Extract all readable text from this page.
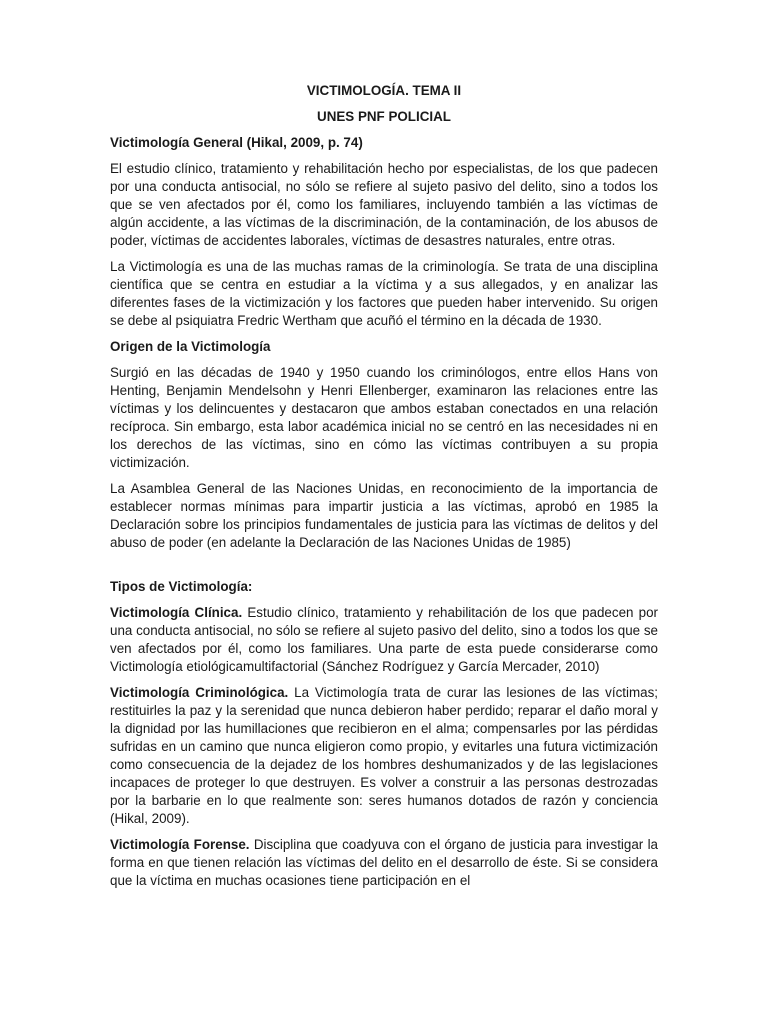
VICTIMOLOGÍA. TEMA II
UNES PNF POLICIAL
Victimología General (Hikal, 2009, p. 74)

El estudio clínico, tratamiento y rehabilitación hecho por especialistas, de los que padecen por una conducta antisocial, no sólo se refiere al sujeto pasivo del delito, sino a todos los que se ven afectados por él, como los familiares, incluyendo también a las víctimas de algún accidente, a las víctimas de la discriminación, de la contaminación, de los abusos de poder, víctimas de accidentes laborales, víctimas de desastres naturales, entre otras.

La Victimología es una de las muchas ramas de la criminología. Se trata de una disciplina científica que se centra en estudiar a la víctima y a sus allegados, y en analizar las diferentes fases de la victimización y los factores que pueden haber intervenido. Su origen se debe al psiquiatra Fredric Wertham que acuñó el término en la década de 1930.

Origen de la Victimología

Surgió en las décadas de 1940 y 1950 cuando los criminólogos, entre ellos Hans von Henting, Benjamin Mendelsohn y Henri Ellenberger, examinaron las relaciones entre las víctimas y los delincuentes y destacaron que ambos estaban conectados en una relación recíproca. Sin embargo, esta labor académica inicial no se centró en las necesidades ni en los derechos de las víctimas, sino en cómo las víctimas contribuyen a su propia victimización.

La Asamblea General de las Naciones Unidas, en reconocimiento de la importancia de establecer normas mínimas para impartir justicia a las víctimas, aprobó en 1985 la Declaración sobre los principios fundamentales de justicia para las víctimas de delitos y del abuso de poder (en adelante la Declaración de las Naciones Unidas de 1985)

Tipos de Victimología:

Victimología Clínica. Estudio clínico, tratamiento y rehabilitación de los que padecen por una conducta antisocial, no sólo se refiere al sujeto pasivo del delito, sino a todos los que se ven afectados por él, como los familiares. Una parte de esta puede considerarse como Victimología etiológicamultifactorial (Sánchez Rodríguez y García Mercader, 2010)

Victimología Criminológica. La Victimología trata de curar las lesiones de las víctimas; restituirles la paz y la serenidad que nunca debieron haber perdido; reparar el daño moral y la dignidad por las humillaciones que recibieron en el alma; compensarles por las pérdidas sufridas en un camino que nunca eligieron como propio, y evitarles una futura victimización como consecuencia de la dejadez de los hombres deshumanizados y de las legislaciones incapaces de proteger lo que destruyen. Es volver a construir a las personas destrozadas por la barbarie en lo que realmente son: seres humanos dotados de razón y conciencia (Hikal, 2009).

Victimología Forense. Disciplina que coadyuva con el órgano de justicia para investigar la forma en que tienen relación las víctimas del delito en el desarrollo de éste. Si se considera que la víctima en muchas ocasiones tiene participación en el
